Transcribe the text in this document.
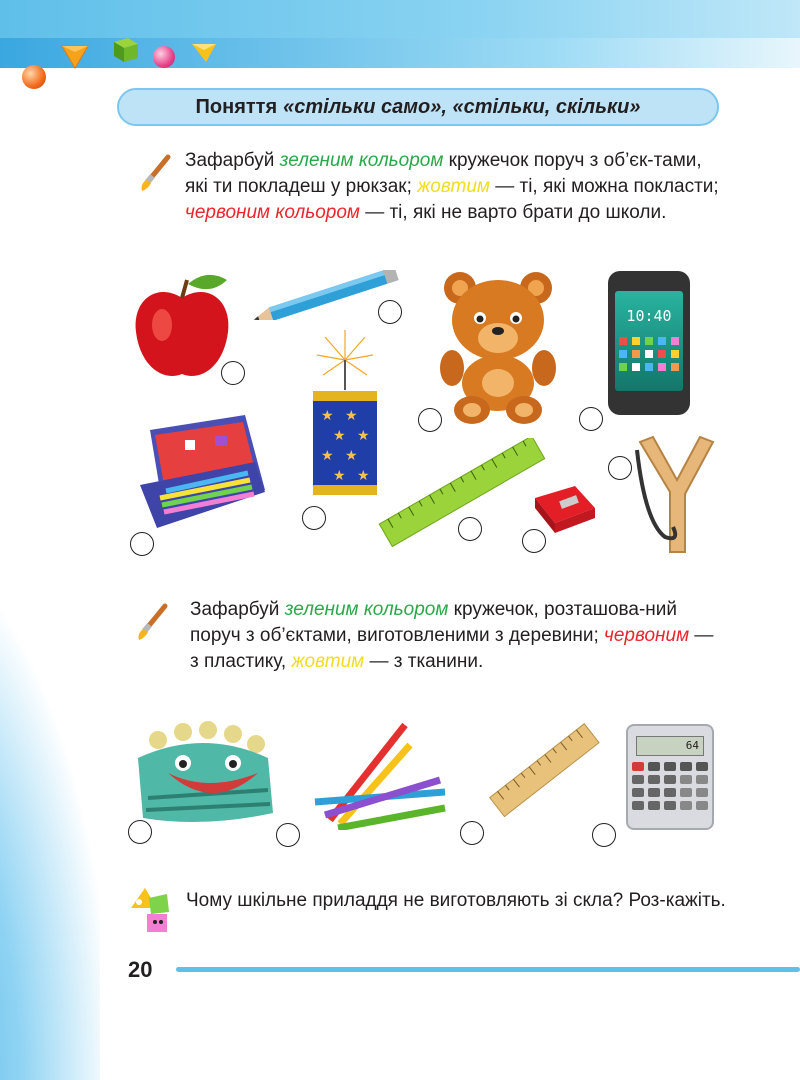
Поняття «стільки само», «стільки, скільки»
Зафарбуй зеленим кольором кружечок поруч з об’єк-тами, які ти покладеш у рюкзак; жовтим — ті, які можна покласти; червоним кольором — ті, які не варто брати до школи.
10:40
★ ★
★ ★
★ ★
★ ★
Зафарбуй зеленим кольором кружечок, розташова-ний поруч з об’єктами, виготовленими з деревини; червоним — з пластику, жовтим — з тканини.
64
Чому шкільне приладдя не виготовляють зі скла? Роз-кажіть.
20
